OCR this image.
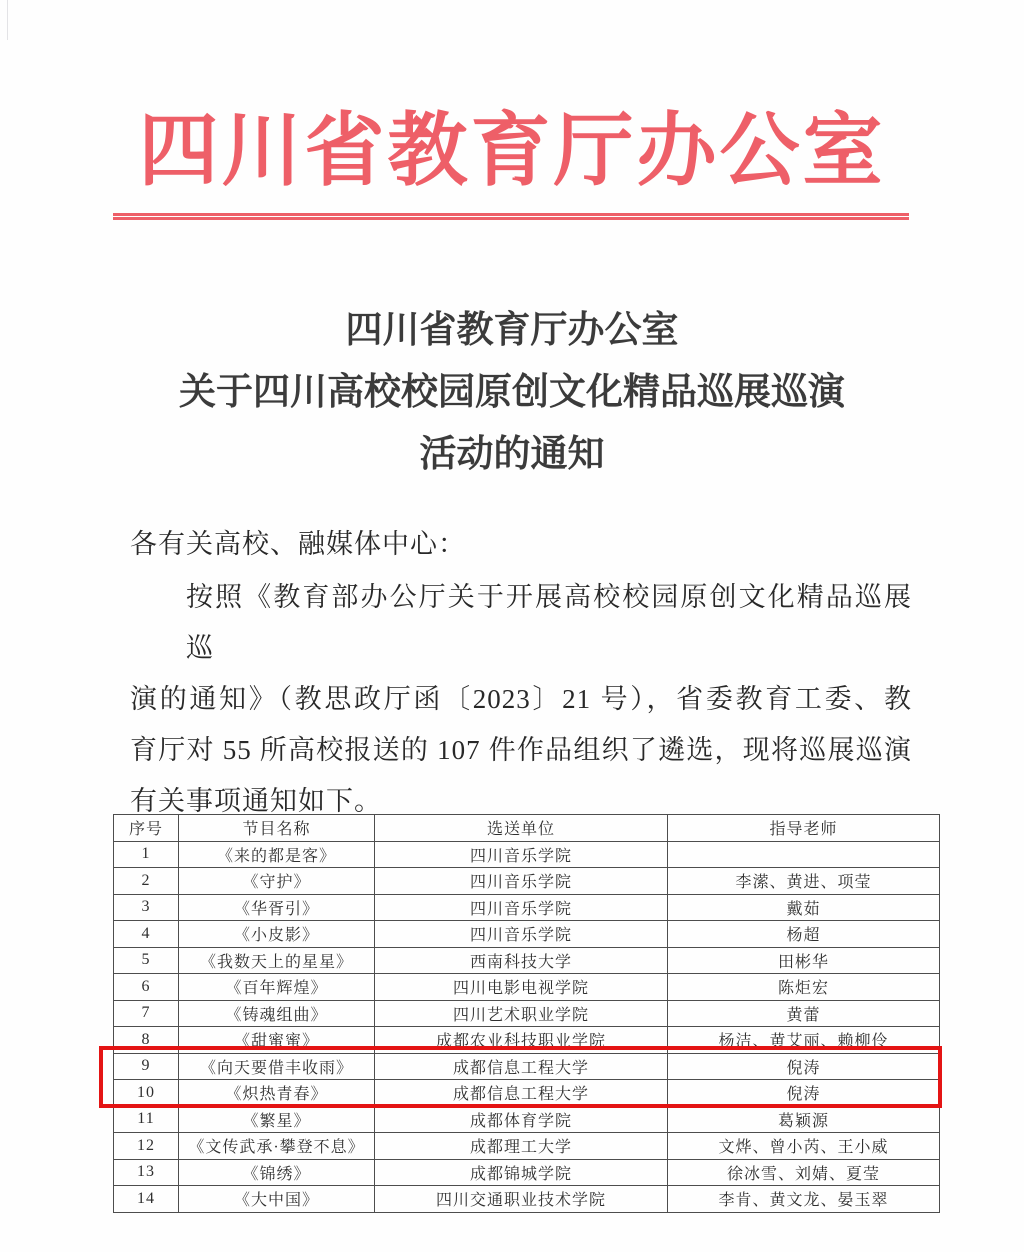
四川省教育厅办公室
四川省教育厅办公室
关于四川高校校园原创文化精品巡展巡演
活动的通知
各有关高校、融媒体中心：
按照《教育部办公厅关于开展高校校园原创文化精品巡展巡
演的通知》（教思政厅函〔2023〕21 号），省委教育工委、教
育厅对 55 所高校报送的 107 件作品组织了遴选，现将巡展巡演
有关事项通知如下。
序号	节目名称	选送单位	指导老师
1	《来的都是客》	四川音乐学院	
2	《守护》	四川音乐学院	李潆、黄进、项莹
3	《华胥引》	四川音乐学院	戴茹
4	《小皮影》	四川音乐学院	杨超
5	《我数天上的星星》	西南科技大学	田彬华
6	《百年辉煌》	四川电影电视学院	陈炬宏
7	《铸魂组曲》	四川艺术职业学院	黄蕾
8	《甜蜜蜜》	成都农业科技职业学院	杨洁、黄艾丽、赖柳伶
9	《向天要借丰收雨》	成都信息工程大学	倪涛
10	《炽热青春》	成都信息工程大学	倪涛
11	《繁星》	成都体育学院	葛颖源
12	《文传武承·攀登不息》	成都理工大学	文烨、曾小芮、王小威
13	《锦绣》	成都锦城学院	徐冰雪、刘婧、夏莹
14	《大中国》	四川交通职业技术学院	李肯、黄文龙、晏玉翠
